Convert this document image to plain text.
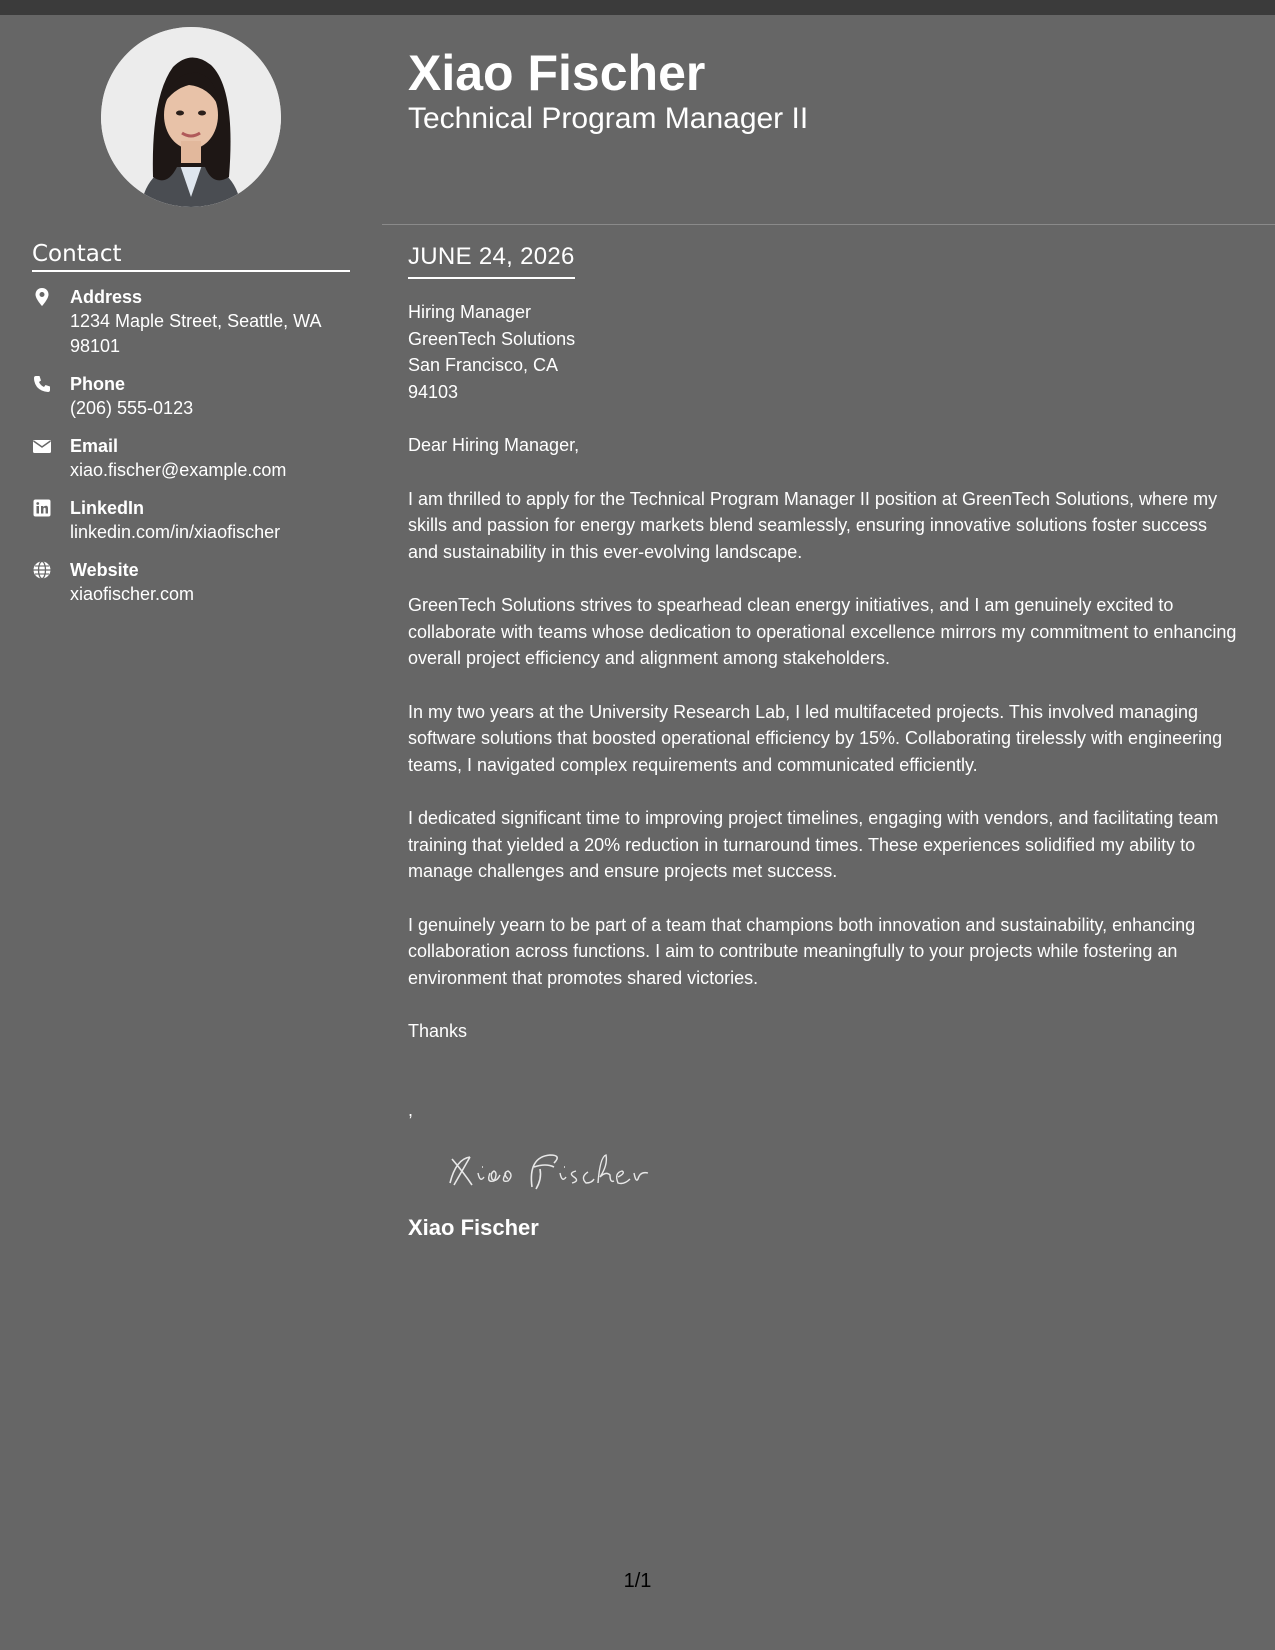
Contact
Address
1234 Maple Street, Seattle, WA 98101
Phone
(206) 555-0123
Email
xiao.fischer@example.com
LinkedIn
linkedin.com/in/xiaofischer
Website
xiaofischer.com
Xiao Fischer
Technical Program Manager II
JUNE 24, 2026
Hiring Manager
GreenTech Solutions
San Francisco, CA
94103
Dear Hiring Manager,
I am thrilled to apply for the Technical Program Manager II position at GreenTech Solutions, where my skills and passion for energy markets blend seamlessly, ensuring innovative solutions foster success and sustainability in this ever-evolving landscape.
GreenTech Solutions strives to spearhead clean energy initiatives, and I am genuinely excited to collaborate with teams whose dedication to operational excellence mirrors my commitment to enhancing overall project efficiency and alignment among stakeholders.
In my two years at the University Research Lab, I led multifaceted projects. This involved managing software solutions that boosted operational efficiency by 15%. Collaborating tirelessly with engineering teams, I navigated complex requirements and communicated efficiently.
I dedicated significant time to improving project timelines, engaging with vendors, and facilitating team training that yielded a 20% reduction in turnaround times. These experiences solidified my ability to manage challenges and ensure projects met success.
I genuinely yearn to be part of a team that champions both innovation and sustainability, enhancing collaboration across functions. I aim to contribute meaningfully to your projects while fostering an environment that promotes shared victories.
Thanks
,
Xiao Fischer
1/1
